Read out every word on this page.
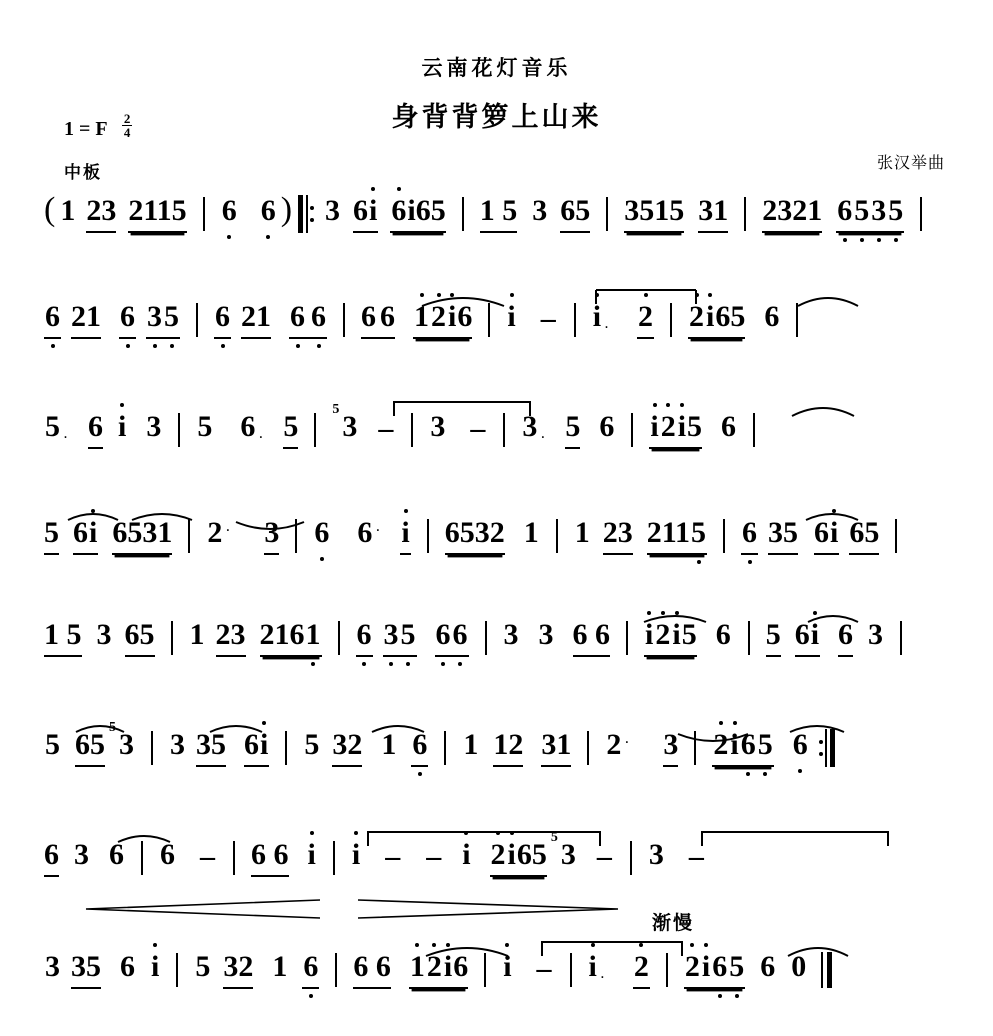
云南花灯音乐
身背背箩上山来
张汉举曲
1 = F $\frac{2}{4}$
中板
( 1 23 2115 6 6 ) 3 6i 6i65 1 5 3 65 3515 31 2321 6535
6 21 6 35 6 21 6 6 6 6 12i6 i – i . 2 2i65 6
5 . 6 i 3 5 6 . 5  5 3 – 3 – 3 . 5 6 i2i5 6
5 6i 6531 2 . 3 6 6 . i 6532 1 1 23 2115 6 35 6i 65
1 5 3 65 1 23 2161 6 35 66 3 3 6 6 i2i5 6 5 6i 6 3
5 65 5 3 3 35 6i 5 32 1 6 1 12 31 2 . 3 2i65 6
6 3 6 6 – 6 6 i i – – i 2i65 5 3 – 3 –
渐慢
3 35 6 i 5 32 1 6 6 6 12i6 i – i . 2 2i65 6 0
